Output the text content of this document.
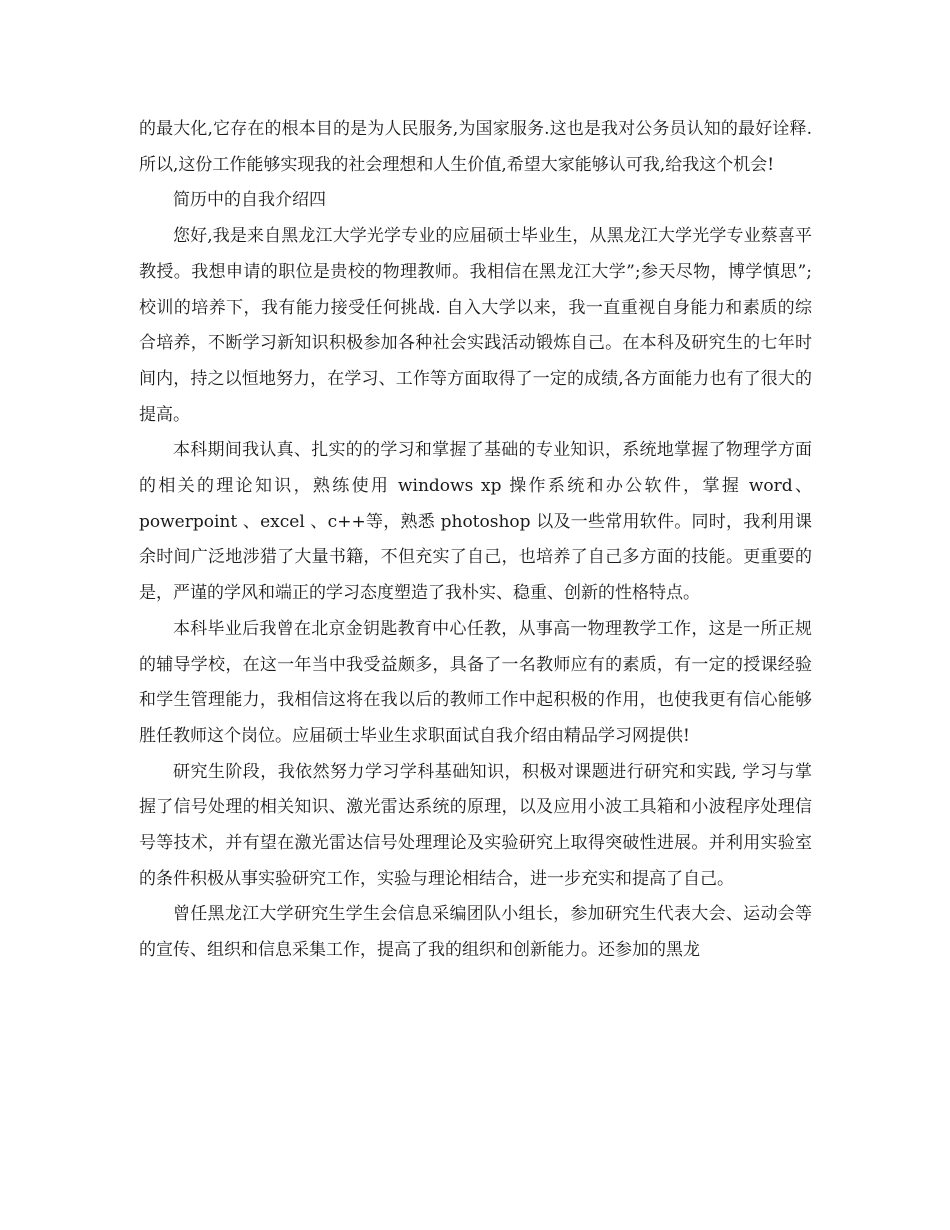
的最大化,它存在的根本目的是为人民服务,为国家服务.这也是我对公务员认知的最好诠释.所以,这份工作能够实现我的社会理想和人生价值,希望大家能够认可我,给我这个机会!

简历中的自我介绍四

您好,我是来自黑龙江大学光学专业的应届硕士毕业生，从黑龙江大学光学专业蔡喜平教授。我想申请的职位是贵校的物理教师。我相信在黑龙江大学”;参天尽物，博学慎思”;校训的培养下，我有能力接受任何挑战. 自入大学以来，我一直重视自身能力和素质的综合培养，不断学习新知识积极参加各种社会实践活动锻炼自己。在本科及研究生的七年时间内，持之以恒地努力，在学习、工作等方面取得了一定的成绩,各方面能力也有了很大的提高。

本科期间我认真、扎实的的学习和掌握了基础的专业知识，系统地掌握了物理学方面的相关的理论知识，熟练使用 windows xp 操作系统和办公软件，掌握 word、powerpoint 、excel 、c++等，熟悉 photoshop 以及一些常用软件。同时，我利用课余时间广泛地涉猎了大量书籍，不但充实了自己，也培养了自己多方面的技能。更重要的是，严谨的学风和端正的学习态度塑造了我朴实、稳重、创新的性格特点。

本科毕业后我曾在北京金钥匙教育中心任教，从事高一物理教学工作，这是一所正规的辅导学校，在这一年当中我受益颇多，具备了一名教师应有的素质，有一定的授课经验和学生管理能力，我相信这将在我以后的教师工作中起积极的作用，也使我更有信心能够胜任教师这个岗位。应届硕士毕业生求职面试自我介绍由精品学习网提供!

研究生阶段，我依然努力学习学科基础知识，积极对课题进行研究和实践, 学习与掌握了信号处理的相关知识、激光雷达系统的原理，以及应用小波工具箱和小波程序处理信号等技术，并有望在激光雷达信号处理理论及实验研究上取得突破性进展。并利用实验室的条件积极从事实验研究工作，实验与理论相结合，进一步充实和提高了自己。

曾任黑龙江大学研究生学生会信息采编团队小组长，参加研究生代表大会、运动会等的宣传、组织和信息采集工作，提高了我的组织和创新能力。还参加的黑龙
